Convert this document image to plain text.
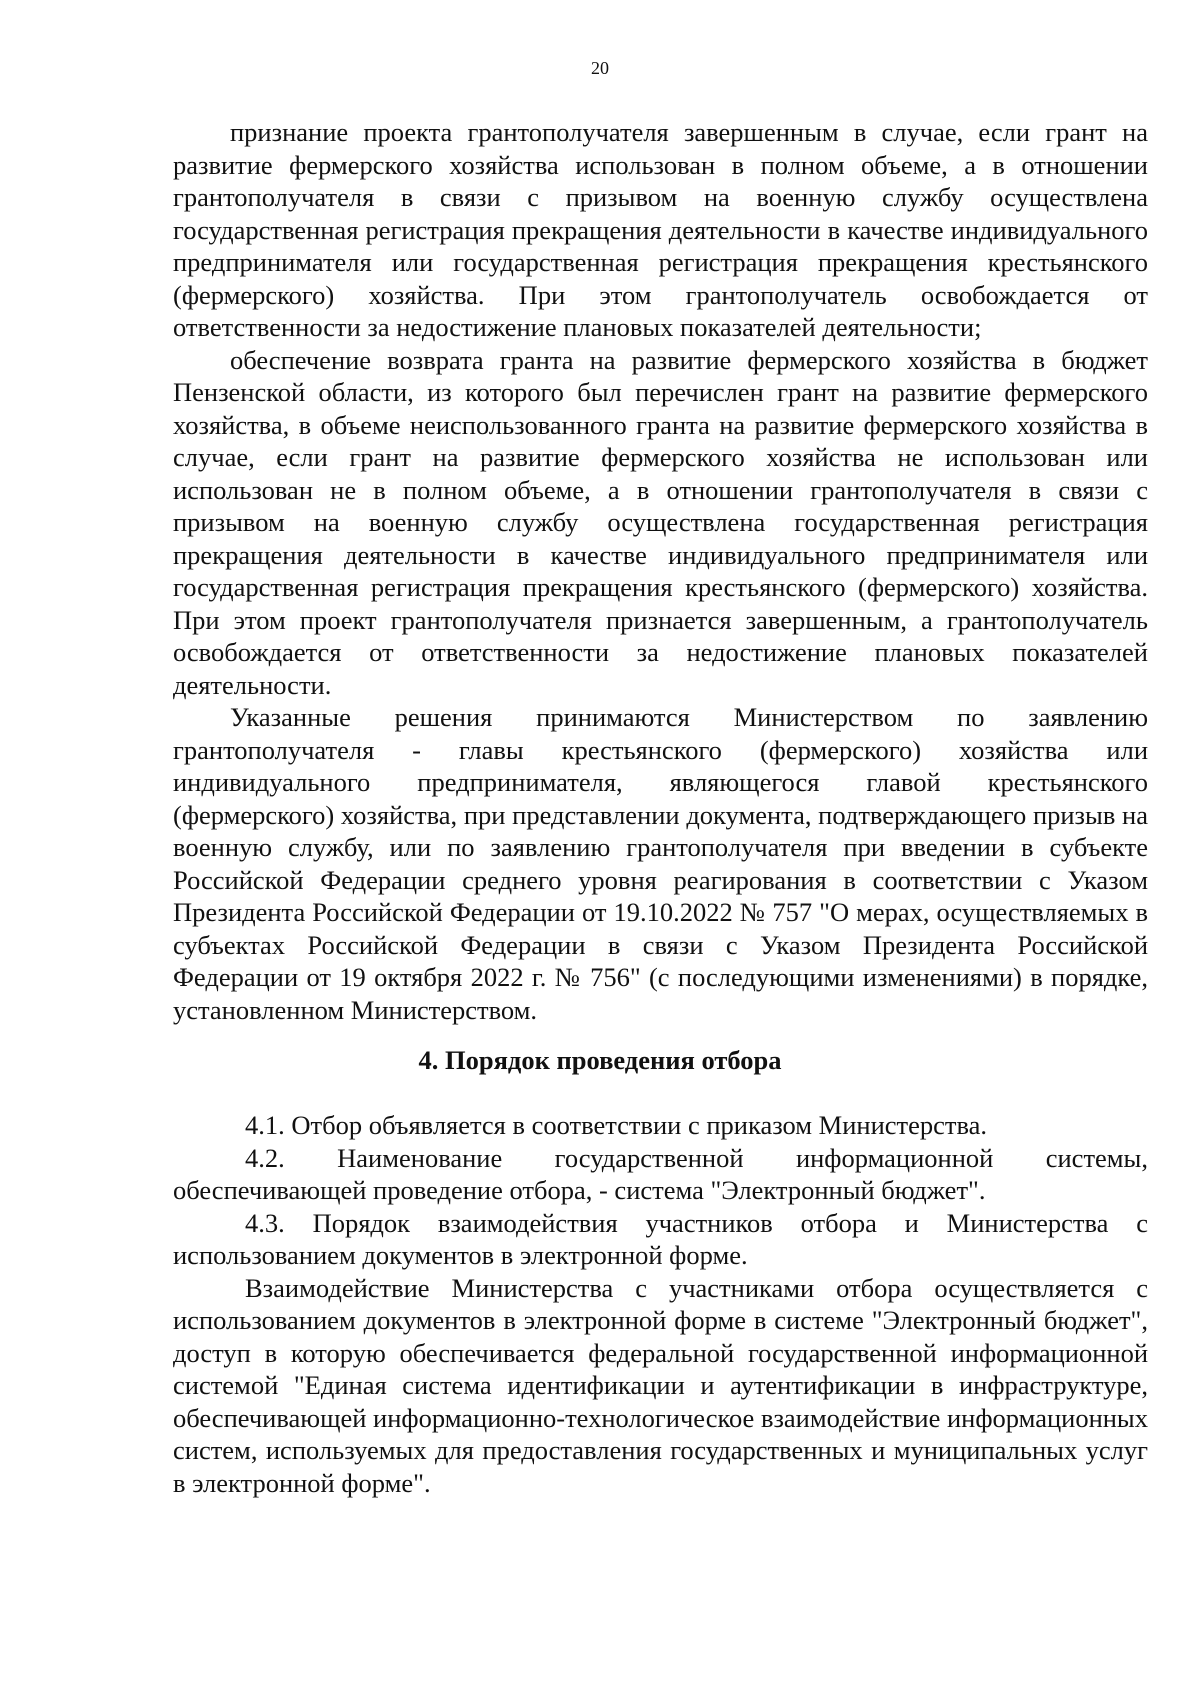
20

признание проекта грантополучателя завершенным в случае, если грант на развитие фермерского хозяйства использован в полном объеме, а в отношении грантополучателя в связи с призывом на военную службу осуществлена государственная регистрация прекращения деятельности в качестве индивидуального предпринимателя или государственная регистрация прекращения крестьянского (фермерского) хозяйства. При этом грантополучатель освобождается от ответственности за недостижение плановых показателей деятельности;

обеспечение возврата гранта на развитие фермерского хозяйства в бюджет Пензенской области, из которого был перечислен грант на развитие фермерского хозяйства, в объеме неиспользованного гранта на развитие фермерского хозяйства в случае, если грант на развитие фермерского хозяйства не использован или использован не в полном объеме, а в отношении грантополучателя в связи с призывом на военную службу осуществлена государственная регистрация прекращения деятельности в качестве индивидуального предпринимателя или государственная регистрация прекращения крестьянского (фермерского) хозяйства. При этом проект грантополучателя признается завершенным, а грантополучатель освобождается от ответственности за недостижение плановых показателей деятельности.

Указанные решения принимаются Министерством по заявлению грантополучателя - главы крестьянского (фермерского) хозяйства или индивидуального предпринимателя, являющегося главой крестьянского (фермерского) хозяйства, при представлении документа, подтверждающего призыв на военную службу, или по заявлению грантополучателя при введении в субъекте Российской Федерации среднего уровня реагирования в соответствии с Указом Президента Российской Федерации от 19.10.2022 № 757 "О мерах, осуществляемых в субъектах Российской Федерации в связи с Указом Президента Российской Федерации от 19 октября 2022 г. № 756" (с последующими изменениями) в порядке, установленном Министерством.

4. Порядок проведения отбора

4.1. Отбор объявляется в соответствии с приказом Министерства.

4.2. Наименование государственной информационной системы, обеспечивающей проведение отбора, - система "Электронный бюджет".

4.3. Порядок взаимодействия участников отбора и Министерства с использованием документов в электронной форме.

Взаимодействие Министерства с участниками отбора осуществляется с использованием документов в электронной форме в системе "Электронный бюджет", доступ в которую обеспечивается федеральной государственной информационной системой "Единая система идентификации и аутентификации в инфраструктуре, обеспечивающей информационно-технологическое взаимодействие информационных систем, используемых для предоставления государственных и муниципальных услуг в электронной форме".
